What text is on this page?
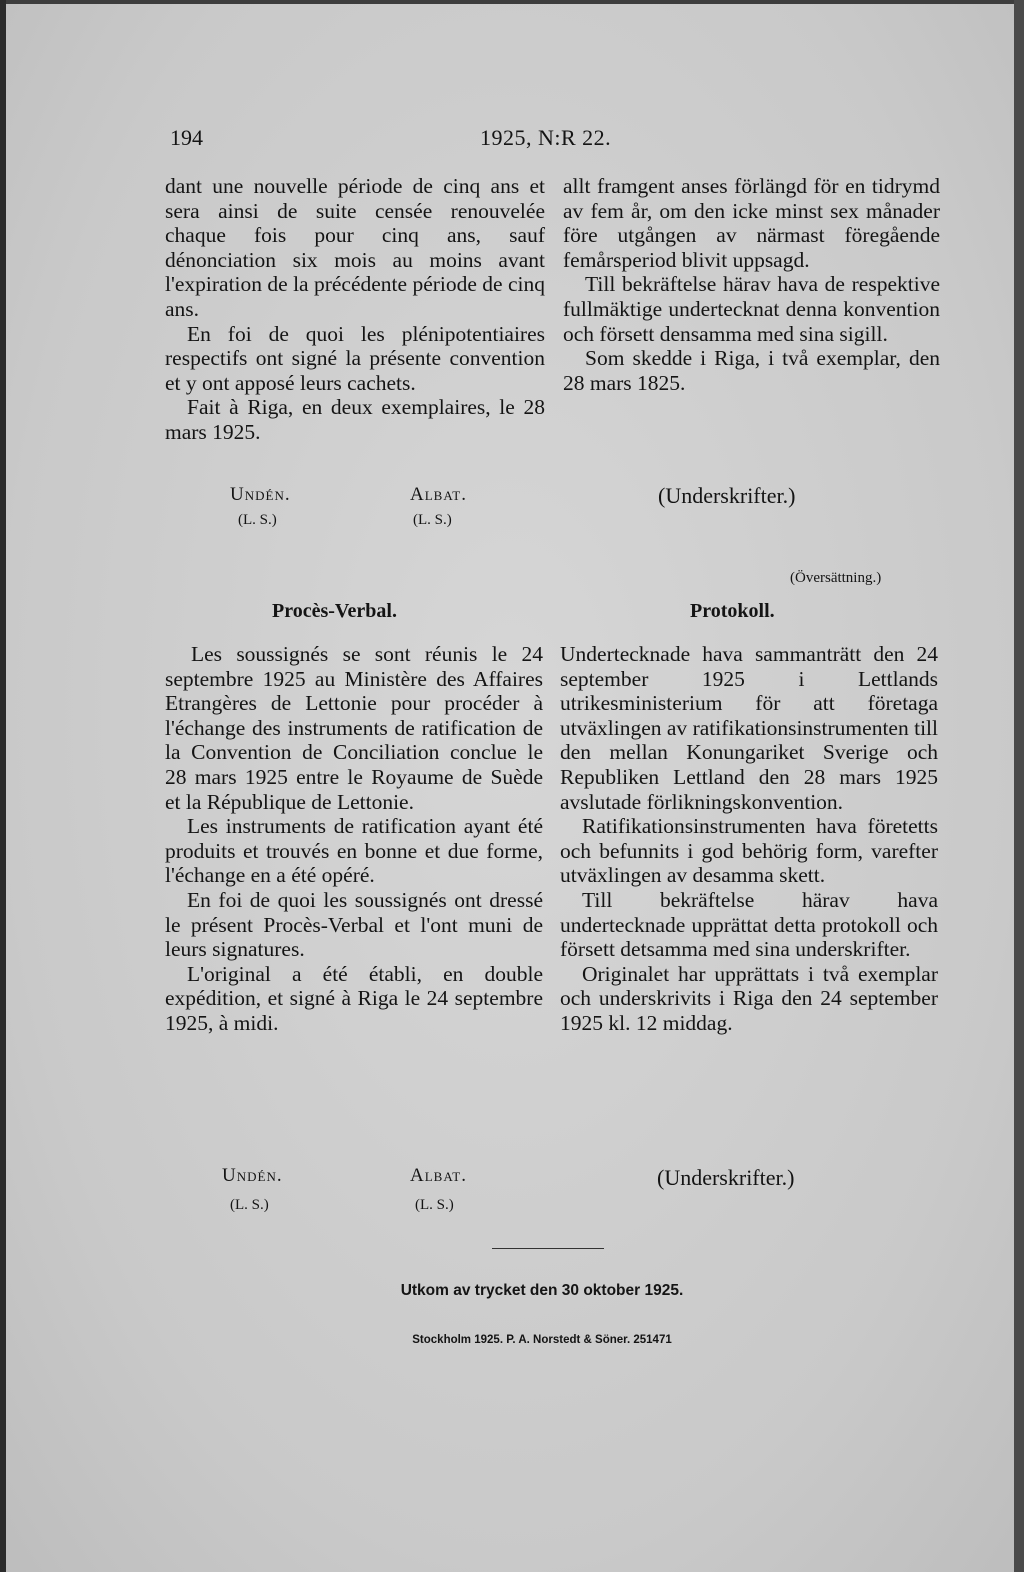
194	1925, N:R 22.

dant une nouvelle période de cinq ans et sera ainsi de suite censée renouvelée chaque fois pour cinq ans, sauf dénonciation six mois au moins avant l'expiration de la précédente période de cinq ans.

En foi de quoi les plénipotentiaires respectifs ont signé la présente convention et y ont apposé leurs cachets.

Fait à Riga, en deux exemplaires, le 28 mars 1925.

Undén.	Albat.
(L. S.)	(L. S.)

allt framgent anses förlängd för en tidrymd av fem år, om den icke minst sex månader före utgången av närmast föregående femårsperiod blivit uppsagd.

Till bekräftelse härav hava de respektive fullmäktige undertecknat denna konvention och försett densamma med sina sigill.

Som skedde i Riga, i två exemplar, den 28 mars 1825.

(Underskrifter.)
(Översättning.)
Procès-Verbal.	Protokoll.

Les soussignés se sont réunis le 24 septembre 1925 au Ministère des Affaires Etrangères de Lettonie pour procéder à l'échange des instruments de ratification de la Convention de Conciliation conclue le 28 mars 1925 entre le Royaume de Suède et la République de Lettonie.

Les instruments de ratification ayant été produits et trouvés en bonne et due forme, l'échange en a été opéré.

En foi de quoi les soussignés ont dressé le présent Procès-Verbal et l'ont muni de leurs signatures.

L'original a été établi, en double expédition, et signé à Riga le 24 septembre 1925, à midi.

Undén.	Albat.
(L. S.)	(L. S.)

Undertecknade hava sammanträtt den 24 september 1925 i Lettlands utrikesministerium för att företaga utväxlingen av ratifikationsinstrumenten till den mellan Konungariket Sverige och Republiken Lettland den 28 mars 1925 avslutade förlikningskonvention.

Ratifikationsinstrumenten hava företetts och befunnits i god behörig form, varefter utväxlingen av desamma skett.

Till bekräftelse härav hava undertecknade upprättat detta protokoll och försett detsamma med sina underskrifter.

Originalet har upprättats i två exemplar och underskrivits i Riga den 24 september 1925 kl. 12 middag.

(Underskrifter.)
Utkom av trycket den 30 oktober 1925.
Stockholm 1925. P. A. Norstedt & Söner. 251471
